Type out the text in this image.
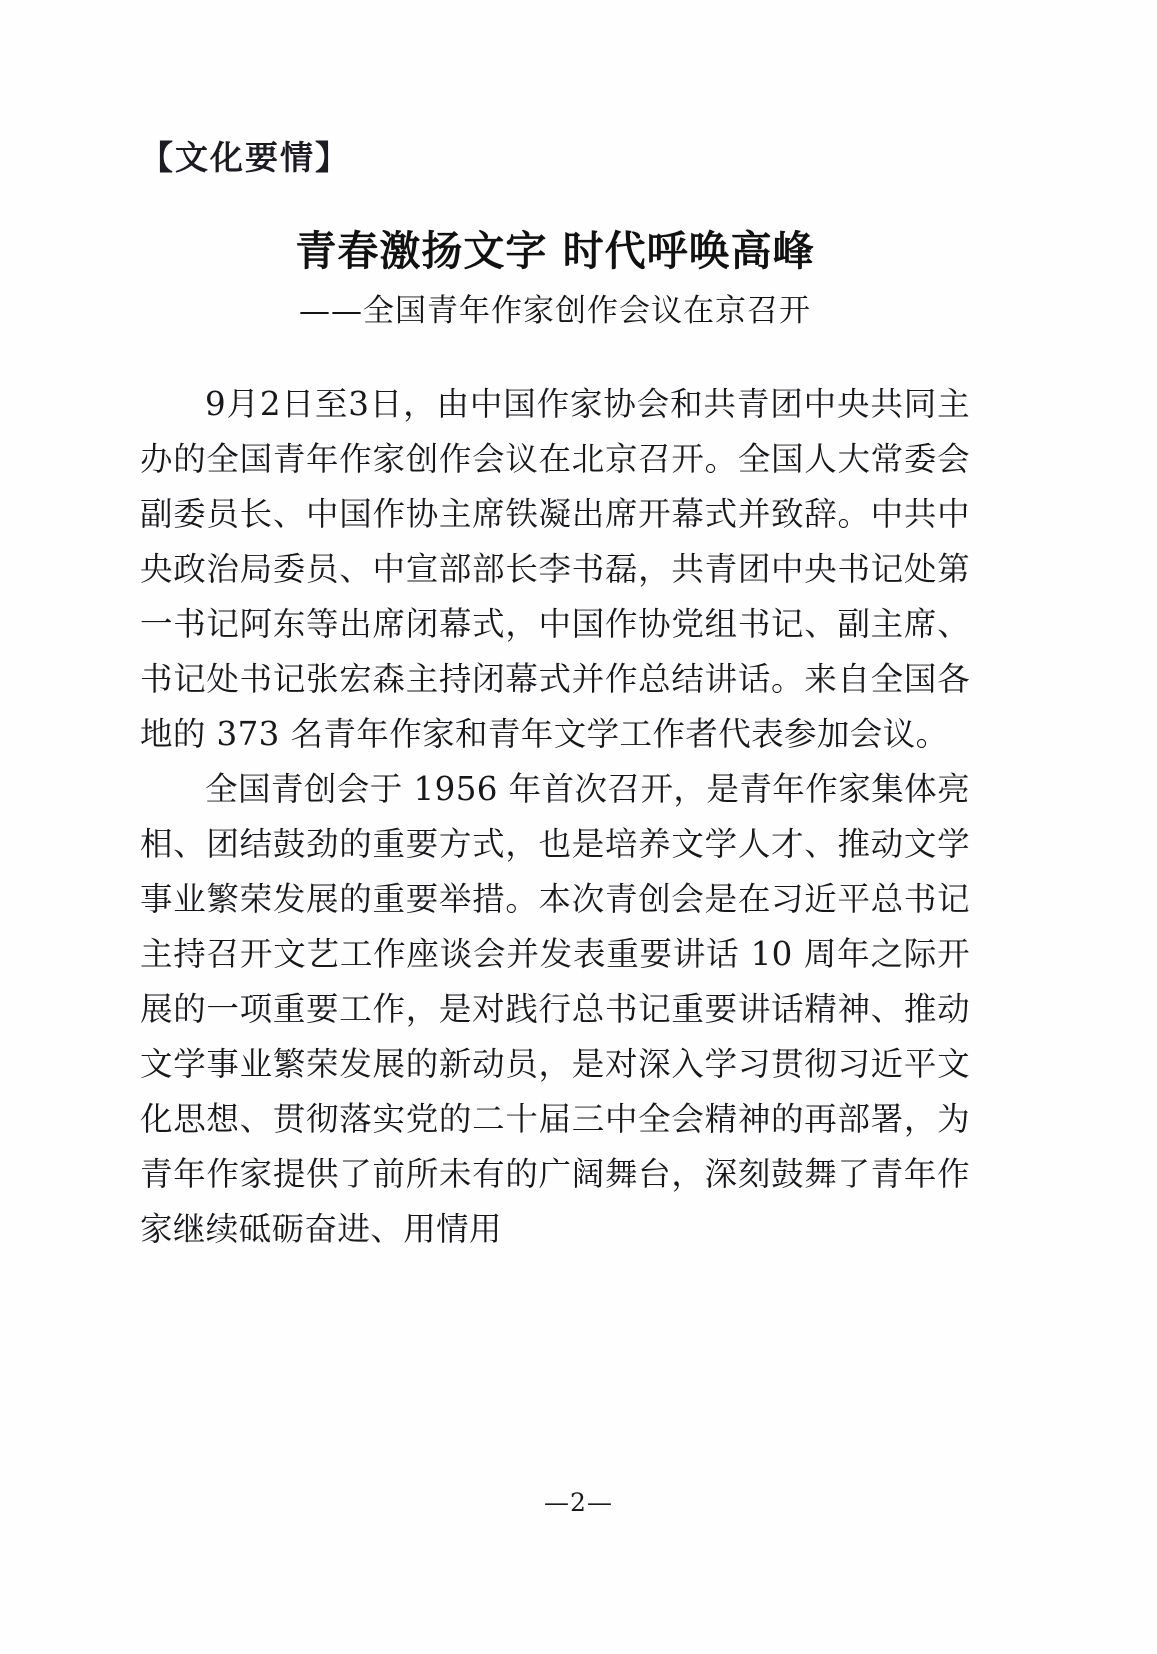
【文化要情】
青春激扬文字 时代呼唤高峰
——全国青年作家创作会议在京召开

9月2日至3日，由中国作家协会和共青团中央共同主办的全国青年作家创作会议在北京召开。全国人大常委会副委员长、中国作协主席铁凝出席开幕式并致辞。中共中央政治局委员、中宣部部长李书磊，共青团中央书记处第一书记阿东等出席闭幕式，中国作协党组书记、副主席、书记处书记张宏森主持闭幕式并作总结讲话。来自全国各地的 373 名青年作家和青年文学工作者代表参加会议。

全国青创会于 1956 年首次召开，是青年作家集体亮相、团结鼓劲的重要方式，也是培养文学人才、推动文学事业繁荣发展的重要举措。本次青创会是在习近平总书记主持召开文艺工作座谈会并发表重要讲话 10 周年之际开展的一项重要工作，是对践行总书记重要讲话精神、推动文学事业繁荣发展的新动员，是对深入学习贯彻习近平文化思想、贯彻落实党的二十届三中全会精神的再部署，为青年作家提供了前所未有的广阔舞台，深刻鼓舞了青年作家继续砥砺奋进、用情用

—2—
